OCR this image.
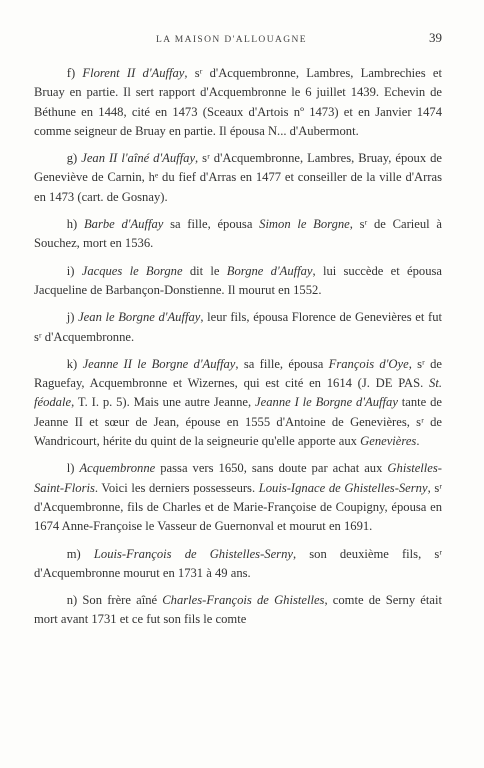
LA MAISON D'ALLOUAGNE	39

f) Florent II d'Auffay, sʳ d'Acquembronne, Lambres, Lambrechies et Bruay en partie. Il sert rapport d'Acquembronne le 6 juillet 1439. Echevin de Béthune en 1448, cité en 1473 (Sceaux d'Artois nº 1473) et en Janvier 1474 comme seigneur de Bruay en partie. Il épousa N... d'Aubermont.

g) Jean II l'aîné d'Auffay, sʳ d'Acquembronne, Lambres, Bruay, époux de Geneviève de Carnin, hᵉ du fief d'Arras en 1477 et conseiller de la ville d'Arras en 1473 (cart. de Gosnay).

h) Barbe d'Auffay sa fille, épousa Simon le Borgne, sʳ de Carieul à Souchez, mort en 1536.

i) Jacques le Borgne dit le Borgne d'Auffay, lui succède et épousa Jacqueline de Barbançon-Donstienne. Il mourut en 1552.

j) Jean le Borgne d'Auffay, leur fils, épousa Florence de Genevières et fut sʳ d'Acquembronne.

k) Jeanne II le Borgne d'Auffay, sa fille, épousa François d'Oye, sʳ de Raguefay, Acquembronne et Wizernes, qui est cité en 1614 (J. DE PAS. St. féodale, T. I. p. 5). Mais une autre Jeanne, Jeanne I le Borgne d'Auffay tante de Jeanne II et sœur de Jean, épouse en 1555 d'Antoine de Genevières, sʳ de Wandricourt, hérite du quint de la seigneurie qu'elle apporte aux Genevières.

l) Acquembronne passa vers 1650, sans doute par achat aux Ghistelles-Saint-Floris. Voici les derniers possesseurs. Louis-Ignace de Ghistelles-Serny, sʳ d'Acquembronne, fils de Charles et de Marie-Françoise de Coupigny, épousa en 1674 Anne-Françoise le Vasseur de Guernonval et mourut en 1691.

m) Louis-François de Ghistelles-Serny, son deuxième fils, sʳ d'Acquembronne mourut en 1731 à 49 ans.

n) Son frère aîné Charles-François de Ghistelles, comte de Serny était mort avant 1731 et ce fut son fils le comte
